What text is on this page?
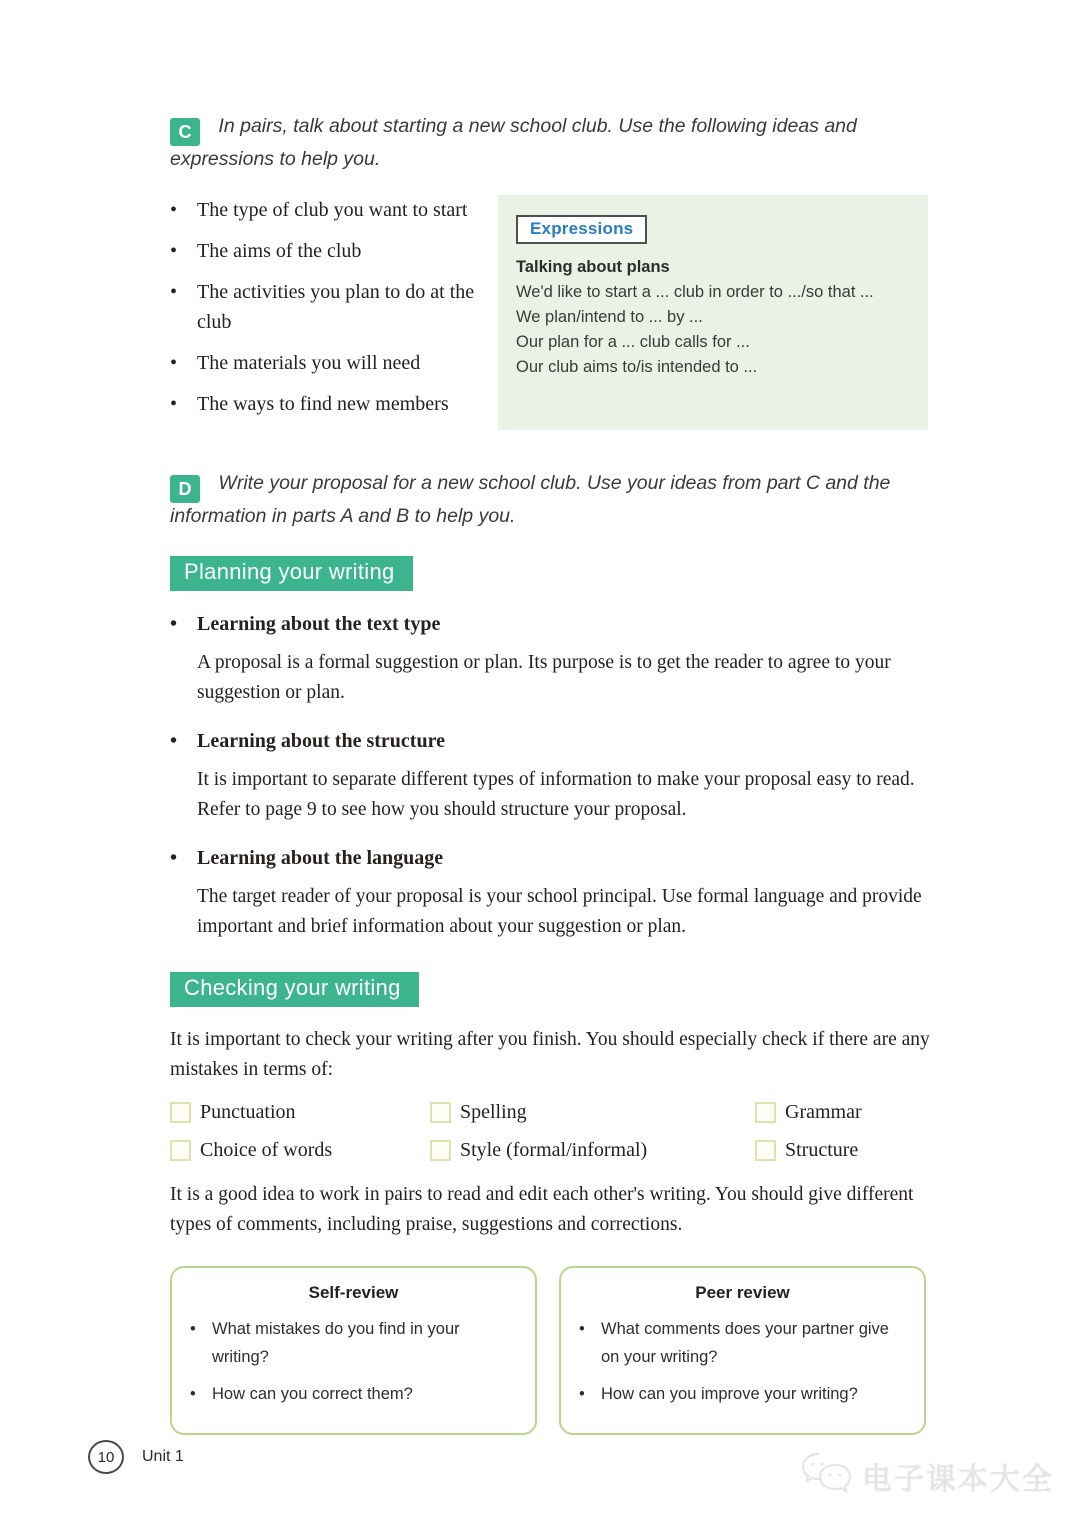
C In pairs, talk about starting a new school club. Use the following ideas and expressions to help you.

• The type of club you want to start
• The aims of the club
• The activities you plan to do at the club
• The materials you will need
• The ways to find new members
Expressions
Talking about plans
We'd like to start a ... club in order to .../so that ...
We plan/intend to ... by ...
Our plan for a ... club calls for ...
Our club aims to/is intended to ...

D Write your proposal for a new school club. Use your ideas from part C and the information in parts A and B to help you.

Planning your writing
• Learning about the text type
A proposal is a formal suggestion or plan. Its purpose is to get the reader to agree to your suggestion or plan.
• Learning about the structure
It is important to separate different types of information to make your proposal easy to read. Refer to page 9 to see how you should structure your proposal.
• Learning about the language
The target reader of your proposal is your school principal. Use formal language and provide important and brief information about your suggestion or plan.
Checking your writing
It is important to check your writing after you finish. You should especially check if there are any mistakes in terms of:
Punctuation	Spelling	Grammar
Choice of words	Style (formal/informal)	Structure
It is a good idea to work in pairs to read and edit each other's writing. You should give different types of comments, including praise, suggestions and corrections.
Self-review
• What mistakes do you find in your writing?
• How can you correct them?
Peer review
• What comments does your partner give on your writing?
• How can you improve your writing?
10	Unit 1
电子课本大全
